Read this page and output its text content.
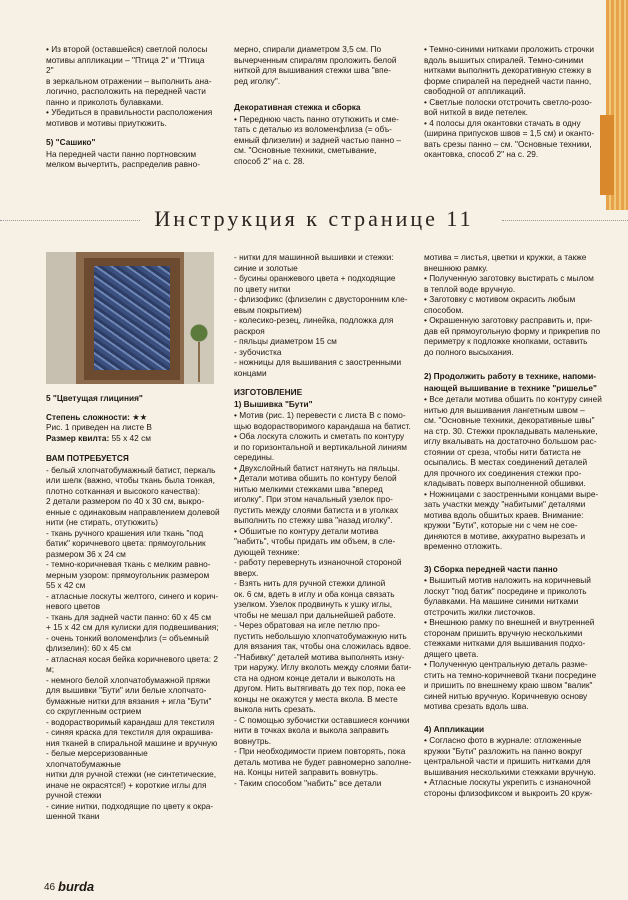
• Из второй (оставшейся) светлой полосы

мотивы аппликации – "Птица 2" и "Птица 2"

в зеркальном отражении – выполнить ана-

логично, расположить на передней части

панно и приколоть булавками.

• Убедиться в правильности расположения

мотивов и мотивы приутюжить.

5) "Сашико"

На передней части панно портновским

мелком вычертить, распределив равно-

мерно, спирали диаметром 3,5 см. По

вычерченным спиралям проложить белой

ниткой для вышивания стежки шва "впе-

ред иголку".

Декоративная стежка и сборка

• Переднюю часть панно отутюжить и сме-

тать с деталью из воломенфлиза (= объ-

емный флизелин) и задней частью панно –

см. "Основные техники, сметывание,

способ 2" на с. 28.

• Темно-синими нитками проложить строчки

вдоль вышитых спиралей. Темно-синими

нитками выполнить декоративную стежку в

форме спиралей на передней части панно,

свободной от аппликаций.

• Светлые полоски отстрочить светло-розо-

вой ниткой в виде петелек.

• 4 полосы для окантовки стачать в одну

(ширина припусков швов = 1,5 см) и оканто-

вать срезы панно – см. "Основные техники,

окантовка, способ 2" на с. 29.

Инструкция к странице 11

5 "Цветущая глициния"

Степень сложности: ★★

Рис. 1 приведен на листе В

Размер квилта: 55 х 42 см

ВАМ ПОТРЕБУЕТСЯ

- белый хлопчатобумажный батист, перкаль

или шелк (важно, чтобы ткань была тонкая,

плотно сотканная и высокого качества):

2 детали размером по 40 х 30 см, выкро-

енные с одинаковым направлением долевой

нити (не стирать, отутюжить)

- ткань ручного крашения или ткань "под

батик" коричневого цвета: прямоугольник

размером 36 х 24 см

- темно-коричневая ткань с мелким равно-

мерным узором: прямоугольник размером

55 х 42 см

- атласные лоскуты желтого, синего и корич-

невого цветов

- ткань для задней части панно: 60 х 45 см

+ 15 х 42 см для кулиски для подвешивания;

- очень тонкий воломенфлиз (= объемный

флизелин): 60 х 45 см

- атласная косая бейка коричневого цвета: 2 м;

- немного белой хлопчатобумажной пряжи

для вышивки "Бути" или белые хлопчато-

бумажные нитки для вязания + игла "Бути"

со скругленным острием

- водорастворимый карандаш для текстиля

- синяя краска для текстиля для окрашива-

ния тканей в спиральной машине и вручную

- белые мерсеризованные хлопчатобумажные

нитки для ручной стежки (не синтетические,

иначе не окрасятся!) + короткие иглы для

ручной стежки

- синие нитки, подходящие по цвету к окра-

шенной ткани

- нитки для машинной вышивки и стежки:

синие и золотые

- бусины оранжевого цвета + подходящие

по цвету нитки

- флизофикс (флизелин с двусторонним кле-

евым покрытием)

- колесико-резец, линейка, подложка для

раскроя

- пяльцы диаметром 15 см

- зубочистка

- ножницы для вышивания с заостренными

концами

ИЗГОТОВЛЕНИЕ

1) Вышивка "Бути"

• Мотив (рис. 1) перевести с листа В с помо-

щью водорастворимого карандаша на батист.

• Оба лоскута сложить и сметать по контуру

и по горизонтальной и вертикальной линиям

середины.

• Двухслойный батист натянуть на пяльцы.

• Детали мотива обшить по контуру белой

нитью мелкими стежками шва "вперед

иголку". При этом начальный узелок про-

пустить между слоями батиста и в уголках

выполнить по стежку шва "назад иголку".

• Обшитые по контуру детали мотива

"набить", чтобы придать им объем, в сле-

дующей технике:

- работу перевернуть изнаночной стороной

вверх.

- Взять нить для ручной стежки длиной

ок. 6 см, вдеть в иглу и оба конца связать

узелком. Узелок продвинуть к ушку иглы,

чтобы не мешал при дальнейшей работе.

- Через обратовая на игле петлю про-

пустить небольшую хлопчатобумажную нить

для вязания так, чтобы она сложилась вдвое.

-"Набивку" деталей мотива выполнять изну-

три наружу. Иглу вколоть между слоями бати-

ста на одном конце детали и выколоть на

другом. Нить вытягивать до тех пор, пока ее

концы не окажутся у места вкола. В месте

выкола нить срезать.

- С помощью зубочистки оставшиеся кончики

нити в точках вкола и выкола заправить

вовнутрь.

- При необходимости прием повторять, пока

деталь мотива не будет равномерно заполне-

на. Концы нитей заправить вовнутрь.

- Таким способом "набить" все детали

мотива = листья, цветки и кружки, а также

внешнюю рамку.

• Полученную заготовку выстирать с мылом

в теплой воде вручную.

• Заготовку с мотивом окрасить любым

способом.

• Окрашенную заготовку расправить и, при-

дав ей прямоугольную форму и прикрепив по

периметру к подложке кнопками, оставить

до полного высыхания.

2) Продолжить работу в технике, напоми-

нающей вышивание в технике "ришелье"

• Все детали мотива обшить по контуру синей

нитью для вышивания лангетным швом –

см. "Основные техники, декоративные швы"

на стр. 30. Стежки прокладывать маленькие,

иглу вкалывать на достаточно большом рас-

стоянии от среза, чтобы нити батиста не

осыпались. В местах соединений деталей

для прочного их соединения стежки про-

кладывать поверх выполненной обшивки.

• Ножницами с заостренными концами выре-

зать участки между "набитыми" деталями

мотива вдоль обшитых краев. Внимание:

кружки "Бути", которые ни с чем не сое-

диняются в мотиве, аккуратно вырезать и

временно отложить.

3) Сборка передней части панно

• Вышитый мотив наложить на коричневый

лоскут "под батик" посредине и приколоть

булавками. На машине синими нитками

отстрочить жилки листочков.

• Внешнюю рамку по внешней и внутренней

сторонам пришить вручную несколькими

стежками нитками для вышивания подхо-

дящего цвета.

• Полученную центральную деталь разме-

стить на темно-коричневой ткани посредине

и пришить по внешнему краю швом "валик"

синей нитью вручную. Коричневую основу

мотива срезать вдоль шва.

4) Аппликации

• Согласно фото в журнале: отложенные

кружки "Бути" разложить на панно вокруг

центральной части и пришить нитками для

вышивания несколькими стежками вручную.

• Атласные лоскуты укрепить с изнаночной

стороны флизофиксом и выкроить 20 круж-

46 burda
